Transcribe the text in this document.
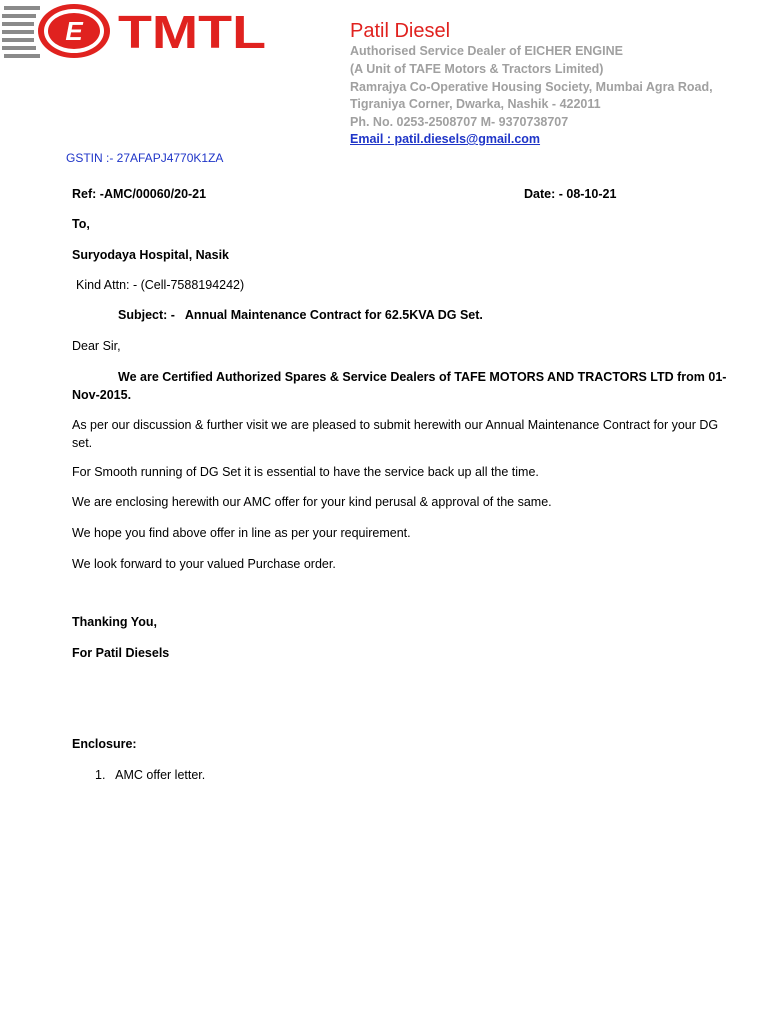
E TMTL	Patil Diesel
Authorised Service Dealer of EICHER ENGINE
(A Unit of TAFE Motors & Tractors Limited)
Ramrajya Co-Operative Housing Society, Mumbai Agra Road,
Tigraniya Corner, Dwarka, Nashik - 422011
Ph. No. 0253-2508707 M- 9370738707
Email : patil.diesels@gmail.com
GSTIN :- 27AFAPJ4770K1ZA
Ref: -AMC/00060/20-21	Date: - 08-10-21
To,
Suryodaya Hospital, Nasik
Kind Attn: - (Cell-7588194242)
Subject: -   Annual Maintenance Contract for 62.5KVA DG Set.
Dear Sir,
We are Certified Authorized Spares & Service Dealers of TAFE MOTORS AND TRACTORS LTD from 01-Nov-2015.
As per our discussion & further visit we are pleased to submit herewith our Annual Maintenance Contract for your DG set.
For Smooth running of DG Set it is essential to have the service back up all the time.
We are enclosing herewith our AMC offer for your kind perusal & approval of the same.
We hope you find above offer in line as per your requirement.
We look forward to your valued Purchase order.
Thanking You,
For Patil Diesels
Enclosure:
1.   AMC offer letter.
